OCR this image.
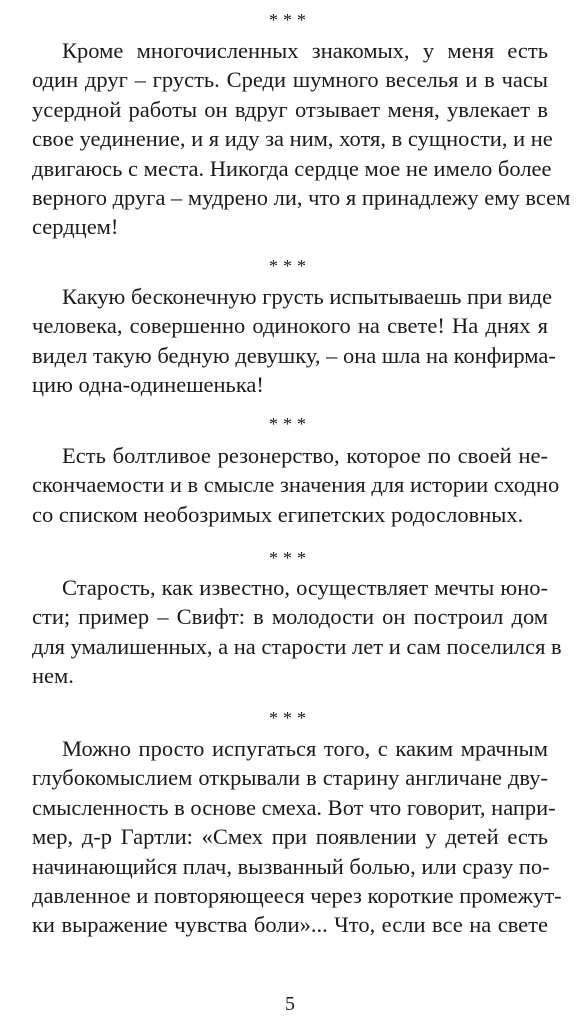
***
Кроме многочисленных знакомых, у меня есть
один друг – грусть. Среди шумного веселья и в часы
усердной работы он вдруг отзывает меня, увлекает в
свое уединение, и я иду за ним, хотя, в сущности, и не
двигаюсь с места. Никогда сердце мое не имело более
верного друга – мудрено ли, что я принадлежу ему всем
сердцем!
***
Какую бесконечную грусть испытываешь при виде
человека, совершенно одинокого на свете! На днях я
видел такую бедную девушку, – она шла на конфирма-
цию одна-одинешенька!
***
Есть болтливое резонерство, которое по своей не-
скончаемости и в смысле значения для истории сходно
со списком необозримых египетских родословных.
***
Старость, как известно, осуществляет мечты юно-
сти; пример – Свифт: в молодости он построил дом
для умалишенных, а на старости лет и сам поселился в
нем.
***
Можно просто испугаться того, с каким мрачным
глубокомыслием открывали в старину англичане дву-
смысленность в основе смеха. Вот что говорит, напри-
мер, д-р Гартли: «Смех при появлении у детей есть
начинающийся плач, вызванный болью, или сразу по-
давленное и повторяющееся через короткие промежут-
ки выражение чувства боли»... Что, если все на свете
5
